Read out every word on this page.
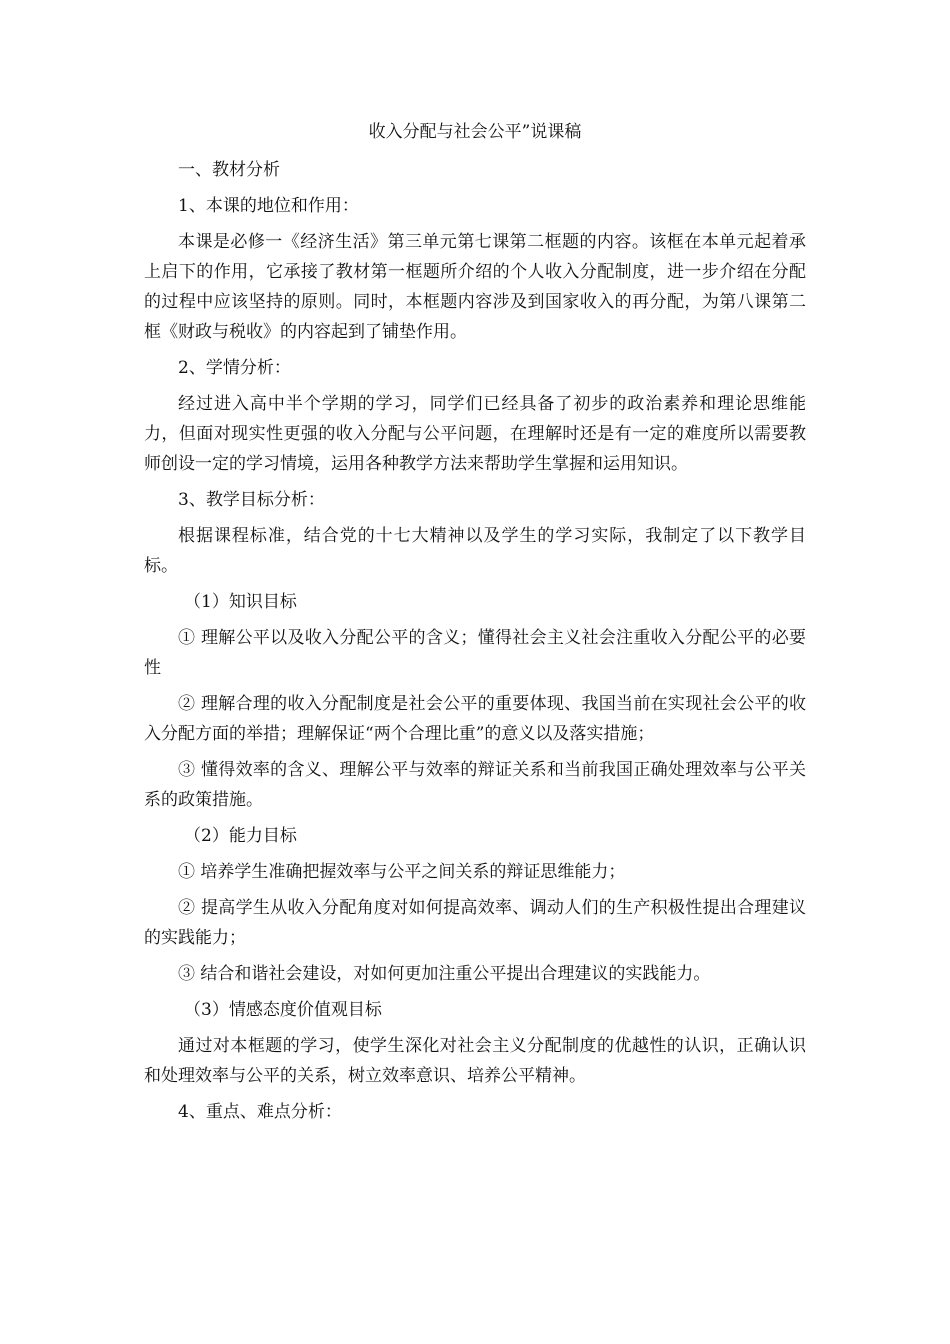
收入分配与社会公平”说课稿
一、教材分析
1、本课的地位和作用：
本课是必修一《经济生活》第三单元第七课第二框题的内容。该框在本单元起着承上启下的作用，它承接了教材第一框题所介绍的个人收入分配制度，进一步介绍在分配的过程中应该坚持的原则。同时，本框题内容涉及到国家收入的再分配，为第八课第二框《财政与税收》的内容起到了铺垫作用。
2、学情分析：
经过进入高中半个学期的学习，同学们已经具备了初步的政治素养和理论思维能力，但面对现实性更强的收入分配与公平问题，在理解时还是有一定的难度所以需要教师创设一定的学习情境，运用各种教学方法来帮助学生掌握和运用知识。
3、教学目标分析：
根据课程标准，结合党的十七大精神以及学生的学习实际，我制定了以下教学目标。
（1）知识目标
① 理解公平以及收入分配公平的含义；懂得社会主义社会注重收入分配公平的必要性
② 理解合理的收入分配制度是社会公平的重要体现、我国当前在实现社会公平的收入分配方面的举措；理解保证“两个合理比重”的意义以及落实措施；
③ 懂得效率的含义、理解公平与效率的辩证关系和当前我国正确处理效率与公平关系的政策措施。
（2）能力目标
① 培养学生准确把握效率与公平之间关系的辩证思维能力；
② 提高学生从收入分配角度对如何提高效率、调动人们的生产积极性提出合理建议的实践能力；
③ 结合和谐社会建设，对如何更加注重公平提出合理建议的实践能力。
（3）情感态度价值观目标
通过对本框题的学习，使学生深化对社会主义分配制度的优越性的认识，正确认识和处理效率与公平的关系，树立效率意识、培养公平精神。
4、重点、难点分析：
